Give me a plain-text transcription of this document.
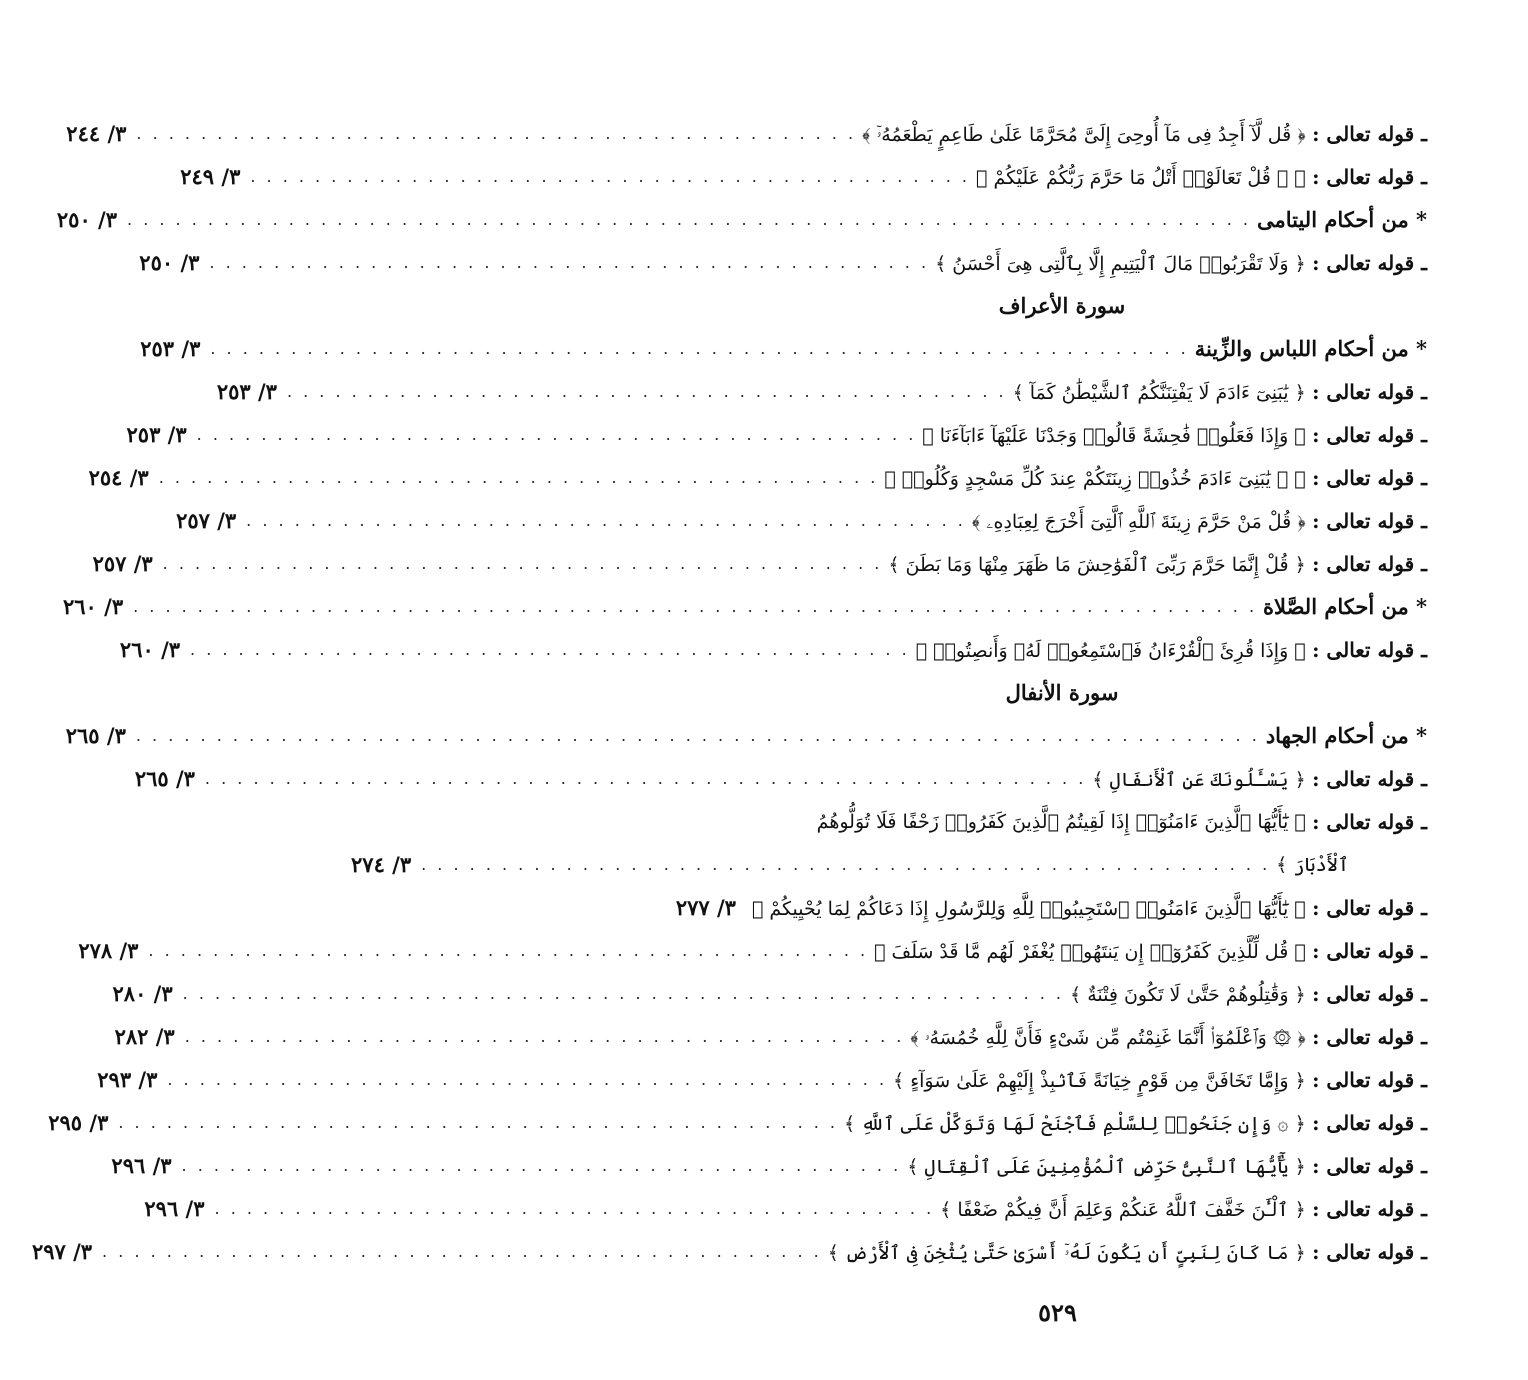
ـ قوله تعالى : ﴿ قُل لَّآ أَجِدُ فِى مَآ أُوحِىَ إِلَىَّ مُحَرَّمًا عَلَىٰ طَاعِمٍ يَطْعَمُهُۥٓ ﴾
. . . . . . . . . . . . . . . . . . . . . . . . . . . . . . . . . . . . . . . . . . . . .
٣/ ٢٤٤
ـ قوله تعالى : ﴿ ۞ قُلْ تَعَالَوْا۟ أَتْلُ مَا حَرَّمَ رَبُّكُمْ عَلَيْكُمْ ﴾
. . . . . . . . . . . . . . . . . . . . . . . . . . . . . . . . . . . . . . . . . . . . .
٣/ ٢٤٩
* من أحكام اليتامى
. . . . . . . . . . . . . . . . . . . . . . . . . . . . . . . . . . . . . . . . . . . . . . . . . . . . . . . . . . . . . . . . . . . . . .
٣/ ٢٥٠
ـ قوله تعالى : ﴿ وَلَا تَقْرَبُوا۟ مَالَ ٱلْيَتِيمِ إِلَّا بِٱلَّتِى هِىَ أَحْسَنُ ﴾
. . . . . . . . . . . . . . . . . . . . . . . . . . . . . . . . . . . . . . . . . . . . .
٣/ ٢٥٠
سورة الأعراف
* من أحكام اللباس والزِّينة
. . . . . . . . . . . . . . . . . . . . . . . . . . . . . . . . . . . . . . . . . . . . . . . . . . . . . . . . . . . . .
٣/ ٢٥٣
ـ قوله تعالى : ﴿ يَٰبَنِىٓ ءَادَمَ لَا يَفْتِنَنَّكُمُ ٱلشَّيْطَٰنُ كَمَآ ﴾
. . . . . . . . . . . . . . . . . . . . . . . . . . . . . . . . . . . . . . . . . . . . .
٣/ ٢٥٣
ـ قوله تعالى : ﴿ وَإِذَا فَعَلُوا۟ فَٰحِشَةً قَالُوا۟ وَجَدْنَا عَلَيْهَآ ءَابَآءَنَا ﴾
. . . . . . . . . . . . . . . . . . . . . . . . . . . . . . . . . . . . . . . . . . . . .
٣/ ٢٥٣
ـ قوله تعالى : ﴿ ۞ يَٰبَنِىٓ ءَادَمَ خُذُوا۟ زِينَتَكُمْ عِندَ كُلِّ مَسْجِدٍ وَكُلُوا۟ ﴾
. . . . . . . . . . . . . . . . . . . . . . . . . . . . . . . . . . . . . . . . . . . . .
٣/ ٢٥٤
ـ قوله تعالى : ﴿ قُلْ مَنْ حَرَّمَ زِينَةَ ٱللَّهِ ٱلَّتِىٓ أَخْرَجَ لِعِبَادِهِۦ ﴾
. . . . . . . . . . . . . . . . . . . . . . . . . . . . . . . . . . . . . . . . . . . . .
٣/ ٢٥٧
ـ قوله تعالى : ﴿ قُلْ إِنَّمَا حَرَّمَ رَبِّىَ ٱلْفَوَٰحِشَ مَا ظَهَرَ مِنْهَا وَمَا بَطَنَ ﴾
. . . . . . . . . . . . . . . . . . . . . . . . . . . . . . . . . . . . . . . . . . . . .
٣/ ٢٥٧
* من أحكام الصَّلاة
. . . . . . . . . . . . . . . . . . . . . . . . . . . . . . . . . . . . . . . . . . . . . . . . . . . . . . . . . . . . . . . . . . . . . .
٣/ ٢٦٠
ـ قوله تعالى : ﴿ وَإِذَا قُرِئَ ٱلْقُرْءَانُ فَٱسْتَمِعُوا۟ لَهُۥ وَأَنصِتُوا۟ ﴾
. . . . . . . . . . . . . . . . . . . . . . . . . . . . . . . . . . . . . . . . . . . . .
٣/ ٢٦٠
سورة الأنفال
* من أحكام الجهاد
. . . . . . . . . . . . . . . . . . . . . . . . . . . . . . . . . . . . . . . . . . . . . . . . . . . . . . . . . . . . . . . . . . . . . .
٣/ ٢٦٥
ـ قوله تعالى : ﴿ يَسْـَٔلُونَكَ عَنِ ٱلْأَنفَالِ ﴾
. . . . . . . . . . . . . . . . . . . . . . . . . . . . . . . . . . . . . . . . . . . . . . . . . . . . . . .
٣/ ٢٦٥
ـ قوله تعالى :

﴿ يَٰٓأَيُّهَا ٱلَّذِينَ ءَامَنُوٓا۟ إِذَا لَقِيتُمُ ٱلَّذِينَ كَفَرُوا۟ زَحْفًا فَلَا تُوَلُّوهُمُ
ٱلْأَدْبَارَ ﴾
. . . . . . . . . . . . . . . . . . . . . . . . . . . . . . . . . . . . . . . . . . . . . . . . . . . . .
٣/ ٢٧٤
ـ قوله تعالى : ﴿ يَٰٓأَيُّهَا ٱلَّذِينَ ءَامَنُوا۟ ٱسْتَجِيبُوا۟ لِلَّهِ وَلِلرَّسُولِ إِذَا دَعَاكُمْ لِمَا يُحْيِيكُمْ ﴾
٣/ ٢٧٧
ـ قوله تعالى : ﴿ قُل لِّلَّذِينَ كَفَرُوٓا۟ إِن يَنتَهُوا۟ يُغْفَرْ لَهُم مَّا قَدْ سَلَفَ ﴾
. . . . . . . . . . . . . . . . . . . . . . . . . . . . . . . . . . . . . . . . . . . . .
٣/ ٢٧٨
ـ قوله تعالى : ﴿ وَقَٰتِلُوهُمْ حَتَّىٰ لَا تَكُونَ فِتْنَةٌ ﴾
. . . . . . . . . . . . . . . . . . . . . . . . . . . . . . . . . . . . . . . . . . . . . . . . . . . . . . .
٣/ ٢٨٠
ـ قوله تعالى : ﴿ ۞ وَٱعْلَمُوٓا۟ أَنَّمَا غَنِمْتُم مِّن شَىْءٍ فَأَنَّ لِلَّهِ خُمُسَهُۥ ﴾
. . . . . . . . . . . . . . . . . . . . . . . . . . . . . . . . . . . . . . . . . . . . .
٣/ ٢٨٢
ـ قوله تعالى : ﴿ وَإِمَّا تَخَافَنَّ مِن قَوْمٍ خِيَانَةً فَٱنۢبِذْ إِلَيْهِمْ عَلَىٰ سَوَآءٍ ﴾
. . . . . . . . . . . . . . . . . . . . . . . . . . . . . . . . . . . . . . . . . . . . .
٣/ ٢٩٣
ـ قوله تعالى : ﴿ ۞ وَإِن جَنَحُوا۟ لِلسَّلْمِ فَٱجْنَحْ لَهَا وَتَوَكَّلْ عَلَى ٱللَّهِ ﴾
. . . . . . . . . . . . . . . . . . . . . . . . . . . . . . . . . . . . . . . . . . . . .
٣/ ٢٩٥
ـ قوله تعالى : ﴿ يَٰٓأَيُّهَا ٱلنَّبِىُّ حَرِّضِ ٱلْمُؤْمِنِينَ عَلَى ٱلْقِتَالِ ﴾
. . . . . . . . . . . . . . . . . . . . . . . . . . . . . . . . . . . . . . . . . . . . .
٣/ ٢٩٦
ـ قوله تعالى : ﴿ ٱلْـَٰٔنَ خَفَّفَ ٱللَّهُ عَنكُمْ وَعَلِمَ أَنَّ فِيكُمْ ضَعْفًا ﴾
. . . . . . . . . . . . . . . . . . . . . . . . . . . . . . . . . . . . . . . . . . . . .
٣/ ٢٩٦
ـ قوله تعالى : ﴿ مَا كَانَ لِنَبِىٍّ أَن يَكُونَ لَهُۥٓ أَسْرَىٰ حَتَّىٰ يُثْخِنَ فِى ٱلْأَرْضِ ﴾
. . . . . . . . . . . . . . . . . . . . . . . . . . . . . . . . . . . . . . . . . . . . .
٣/ ٢٩٧
٥٢٩
